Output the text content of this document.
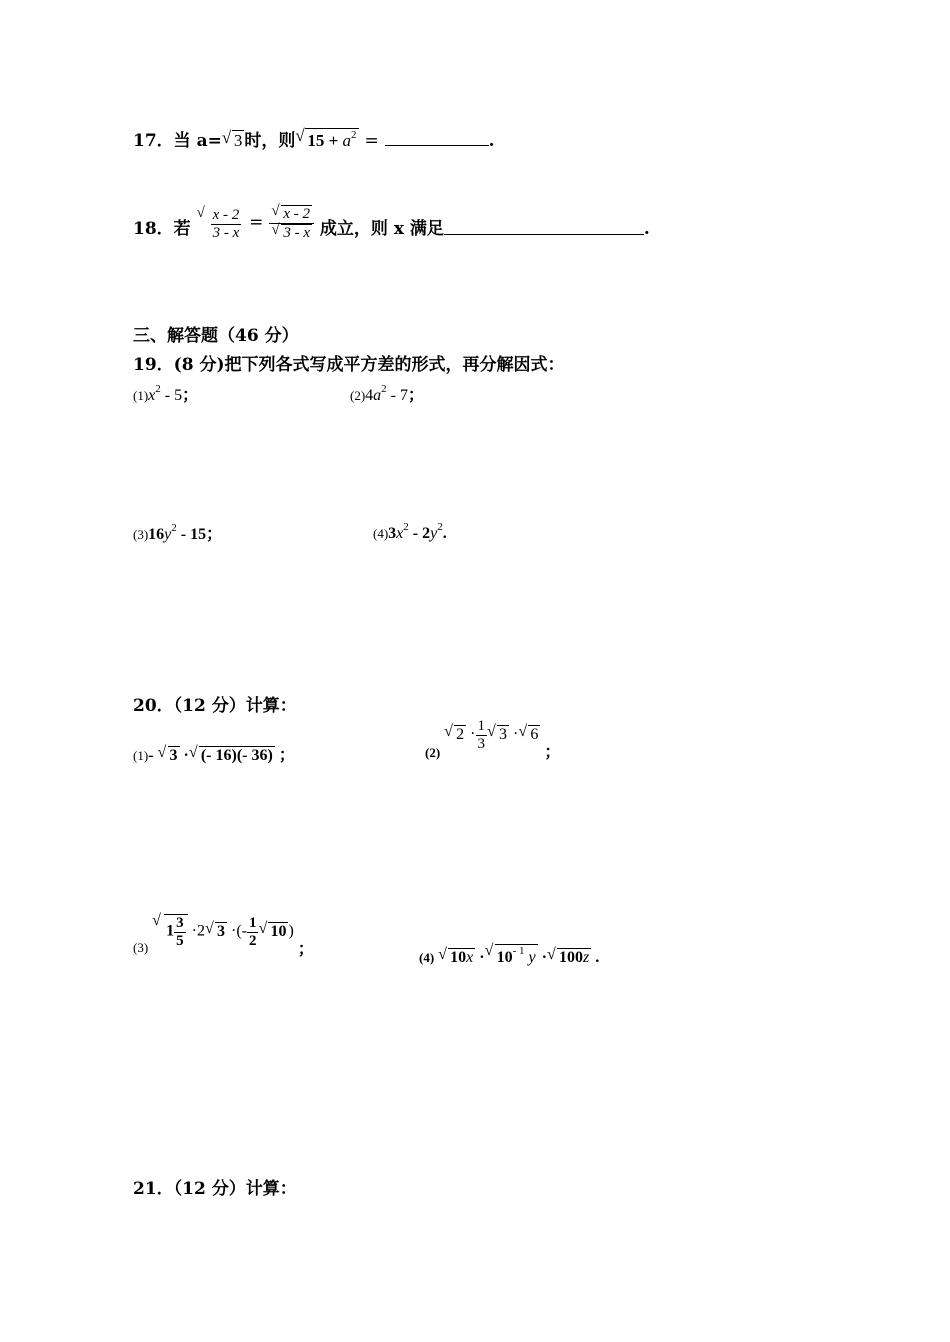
17．当 a=√ 3 时，则√ $15 + a^2$ =	.
18．若
√ $\frac{x - 2}{3 - x}$ =
√ x - 2
√ 3 - x 成立，则 x 满足	.
三、解答题（46 分）
19．(8 分)把下列各式写成平方差的形式，再分解因式：
$(1)x^2 - 5$；	$(2)4a^2 - 7$；
$(3)16y^2 - 15$；	$(4)3x^2 - 2y^2$.
20．（12 分）计算：
(1)- √ 3 ·√ (- 16)(- 36) ；	(2) √ $2 \cdot \frac{1}{3}$
√ 3 ·√ 6 ；
(3) √ $1 \frac{3}{5} \cdot 2√$ 3 ·(- $\frac{1}{2}$
√ 10 ) ；	(4) √ 10x ·√ $10^{- 1}$ y ·√ 100z .
21．（12 分）计算：
